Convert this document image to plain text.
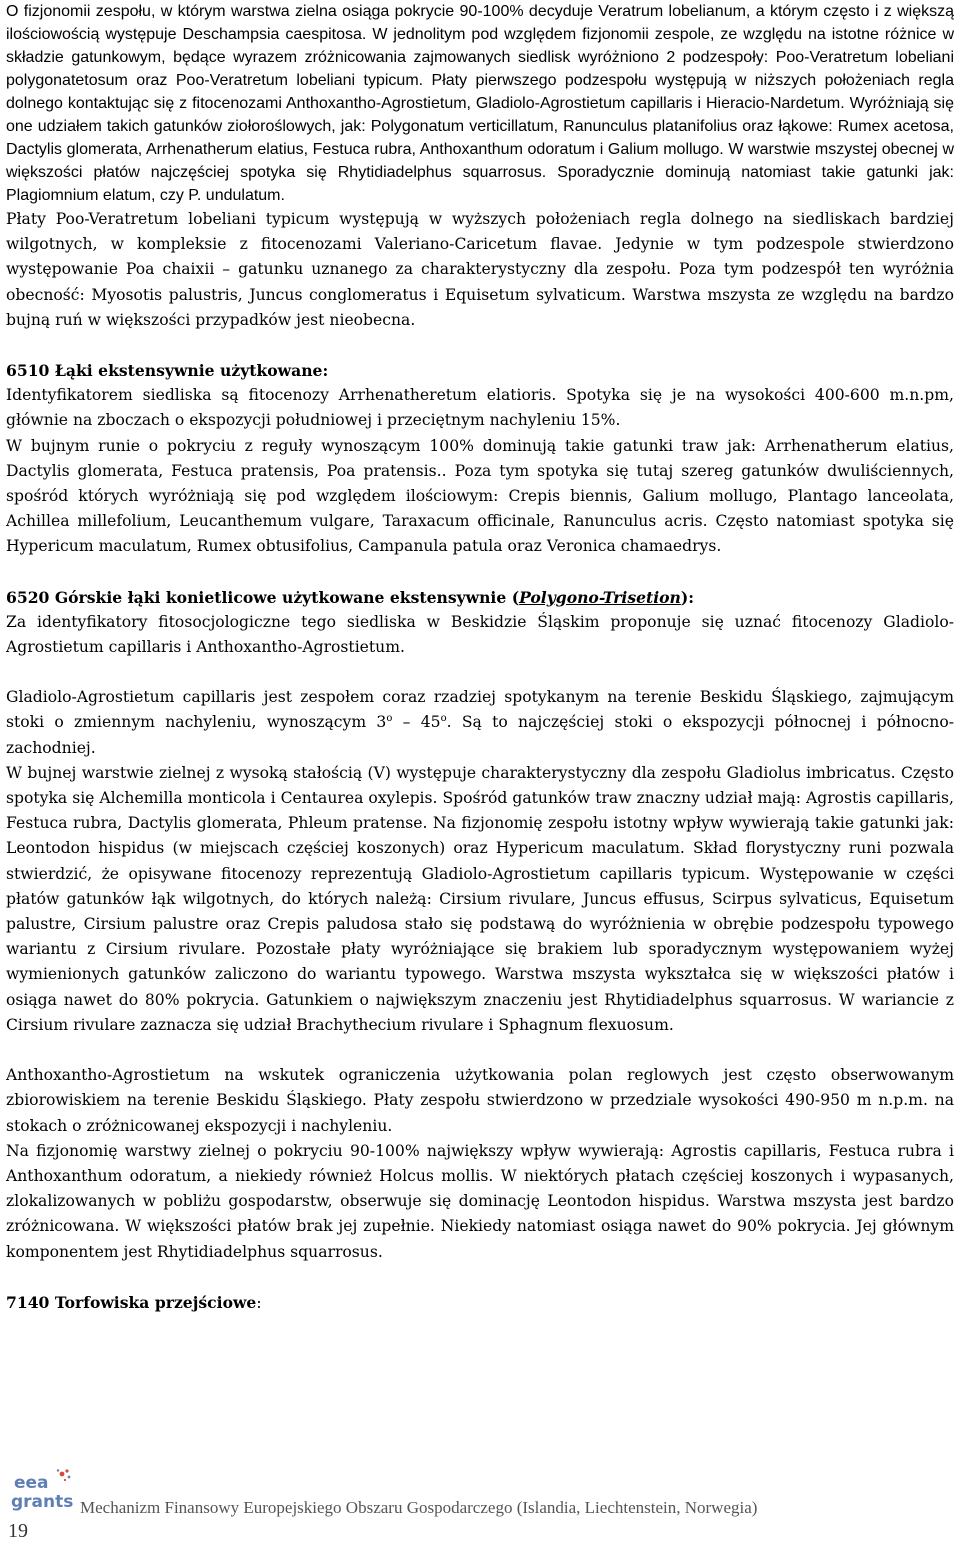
O fizjonomii zespołu, w którym warstwa zielna osiąga pokrycie 90-100% decyduje Veratrum lobelianum, a którym często i z większą ilościowością występuje Deschampsia caespitosa. W jednolitym pod względem fizjonomii zespole, ze względu na istotne różnice w składzie gatunkowym, będące wyrazem zróżnicowania zajmowanych siedlisk wyróżniono 2 podzespoły: Poo-Veratretum lobeliani polygonatetosum oraz Poo-Veratretum lobeliani typicum. Płaty pierwszego podzespołu występują w niższych położeniach regla dolnego kontaktując się z fitocenozami Anthoxantho-Agrostietum, Gladiolo-Agrostietum capillaris i Hieracio-Nardetum. Wyróżniają się one udziałem takich gatunków ziołoroślowych, jak: Polygonatum verticillatum, Ranunculus platanifolius oraz łąkowe: Rumex acetosa, Dactylis glomerata, Arrhenatherum elatius, Festuca rubra, Anthoxanthum odoratum i Galium mollugo. W warstwie mszystej obecnej w większości płatów najczęściej spotyka się Rhytidiadelphus squarrosus. Sporadycznie dominują natomiast takie gatunki jak: Plagiomnium elatum, czy P. undulatum.

Płaty Poo-Veratretum lobeliani typicum występują w wyższych położeniach regla dolnego na siedliskach bardziej wilgotnych, w kompleksie z fitocenozami Valeriano-Caricetum flavae. Jedynie w tym podzespole stwierdzono występowanie Poa chaixii – gatunku uznanego za charakterystyczny dla zespołu. Poza tym podzespół ten wyróżnia obecność: Myosotis palustris, Juncus conglomeratus i Equisetum sylvaticum. Warstwa mszysta ze względu na bardzo bujną ruń w większości przypadków jest nieobecna.

6510 Łąki ekstensywnie użytkowane:

Identyfikatorem siedliska są fitocenozy Arrhenatheretum elatioris. Spotyka się je na wysokości 400-600 m.n.pm, głównie na zboczach o ekspozycji południowej i przeciętnym nachyleniu 15%.

W bujnym runie o pokryciu z reguły wynoszącym 100% dominują takie gatunki traw jak: Arrhenatherum elatius, Dactylis glomerata, Festuca pratensis, Poa pratensis.. Poza tym spotyka się tutaj szereg gatunków dwuliściennych, spośród których wyróżniają się pod względem ilościowym: Crepis biennis, Galium mollugo, Plantago lanceolata, Achillea millefolium, Leucanthemum vulgare, Taraxacum officinale, Ranunculus acris. Często natomiast spotyka się Hypericum maculatum, Rumex obtusifolius, Campanula patula oraz Veronica chamaedrys.

6520 Górskie łąki konietlicowe użytkowane ekstensywnie (Polygono-Trisetion):

Za identyfikatory fitosocjologiczne tego siedliska w Beskidzie Śląskim proponuje się uznać fitocenozy Gladiolo-Agrostietum capillaris i Anthoxantho-Agrostietum.

Gladiolo-Agrostietum capillaris jest zespołem coraz rzadziej spotykanym na terenie Beskidu Śląskiego, zajmującym stoki o zmiennym nachyleniu, wynoszącym 3$^o$ – 45$^o$. Są to najczęściej stoki o ekspozycji północnej i północno-zachodniej.

W bujnej warstwie zielnej z wysoką stałością (V) występuje charakterystyczny dla zespołu Gladiolus imbricatus. Często spotyka się Alchemilla monticola i Centaurea oxylepis. Spośród gatunków traw znaczny udział mają: Agrostis capillaris, Festuca rubra, Dactylis glomerata, Phleum pratense. Na fizjonomię zespołu istotny wpływ wywierają takie gatunki jak: Leontodon hispidus (w miejscach częściej koszonych) oraz Hypericum maculatum. Skład florystyczny runi pozwala stwierdzić, że opisywane fitocenozy reprezentują Gladiolo-Agrostietum capillaris typicum. Występowanie w części płatów gatunków łąk wilgotnych, do których należą: Cirsium rivulare, Juncus effusus, Scirpus sylvaticus, Equisetum palustre, Cirsium palustre oraz Crepis paludosa stało się podstawą do wyróżnienia w obrębie podzespołu typowego wariantu z Cirsium rivulare. Pozostałe płaty wyróżniające się brakiem lub sporadycznym występowaniem wyżej wymienionych gatunków zaliczono do wariantu typowego. Warstwa mszysta wykształca się w większości płatów i osiąga nawet do 80% pokrycia. Gatunkiem o największym znaczeniu jest Rhytidiadelphus squarrosus. W wariancie z Cirsium rivulare zaznacza się udział Brachythecium rivulare i Sphagnum flexuosum.

Anthoxantho-Agrostietum na wskutek ograniczenia użytkowania polan reglowych jest często obserwowanym zbiorowiskiem na terenie Beskidu Śląskiego. Płaty zespołu stwierdzono w przedziale wysokości 490-950 m n.p.m. na stokach o zróżnicowanej ekspozycji i nachyleniu.

Na fizjonomię warstwy zielnej o pokryciu 90-100% największy wpływ wywierają: Agrostis capillaris, Festuca rubra i Anthoxanthum odoratum, a niekiedy również Holcus mollis. W niektórych płatach częściej koszonych i wypasanych, zlokalizowanych w pobliżu gospodarstw, obserwuje się dominację Leontodon hispidus. Warstwa mszysta jest bardzo zróżnicowana. W większości płatów brak jej zupełnie. Niekiedy natomiast osiąga nawet do 90% pokrycia. Jej głównym komponentem jest Rhytidiadelphus squarrosus.

7140 Torfowiska przejściowe:

eea
grants Mechanizm Finansowy Europejskiego Obszaru Gospodarczego (Islandia, Liechtenstein, Norwegia)
19
